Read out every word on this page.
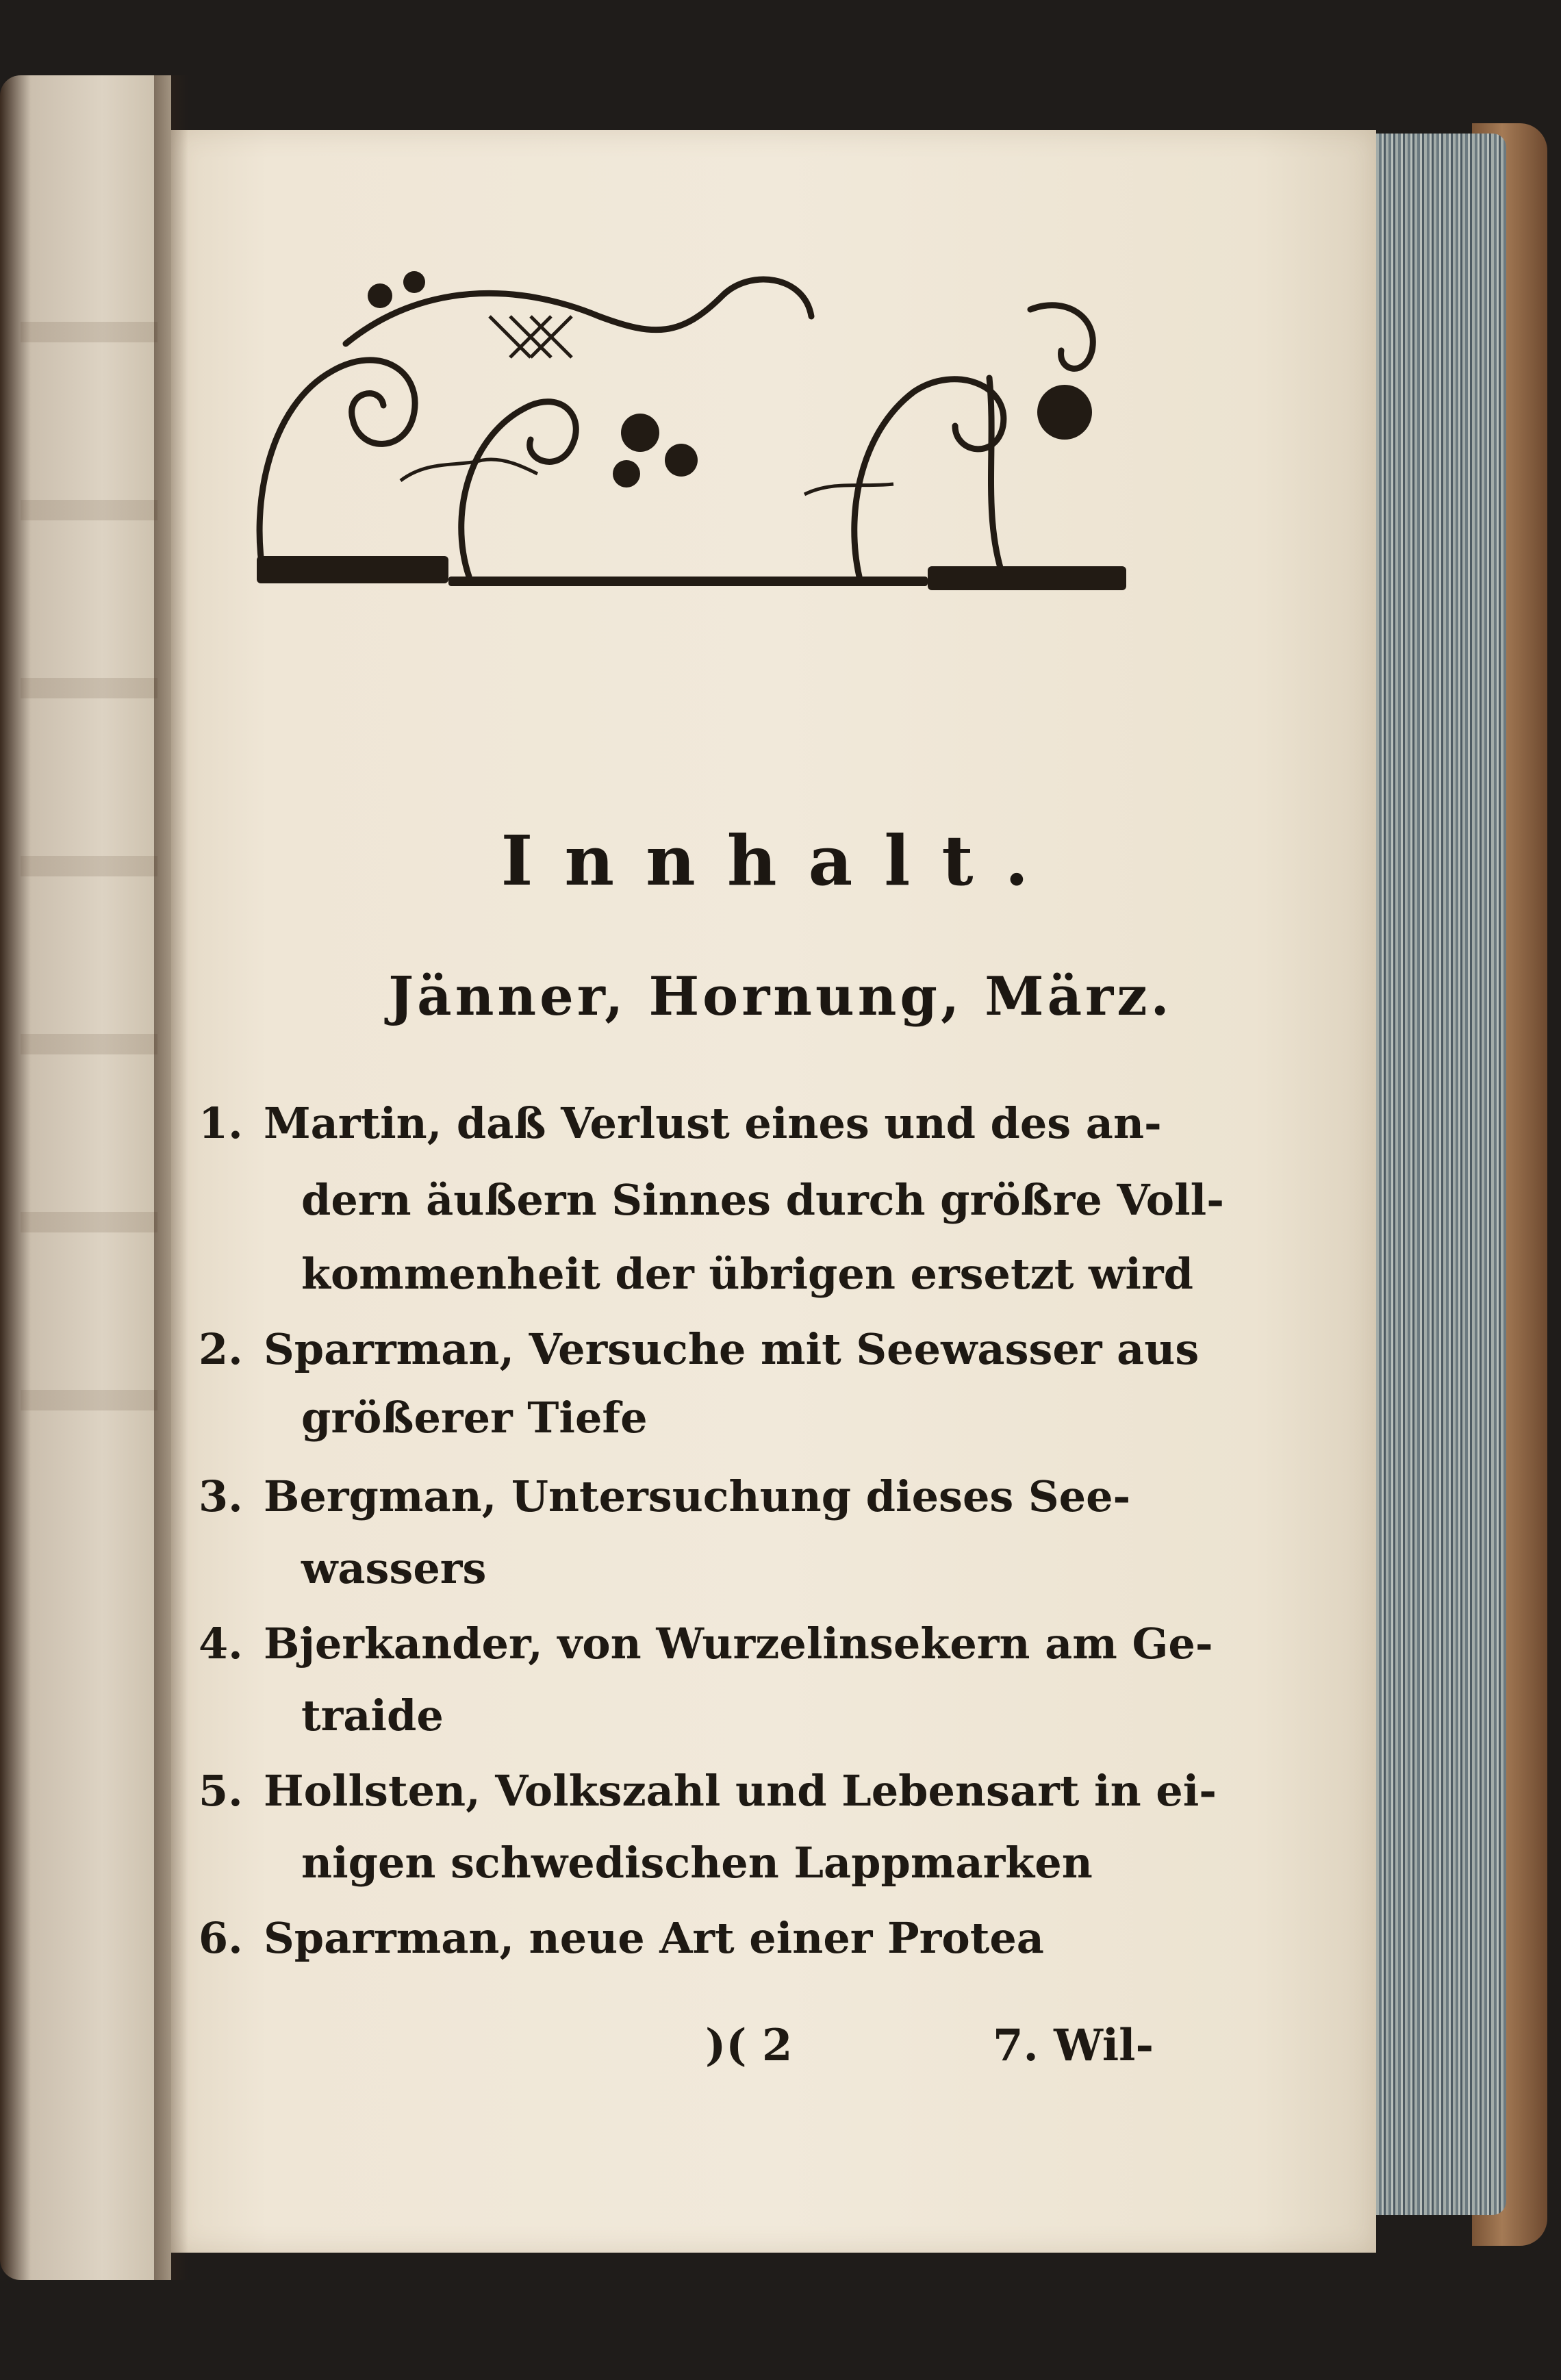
Innhalt.
Jänner, Hornung, März.
1. Martin, daß Verlust eines und des an-
dern äußern Sinnes durch größre Voll-
kommenheit der übrigen ersetzt wird
2. Sparrman, Versuche mit Seewasser aus
größerer Tiefe
3. Bergman, Untersuchung dieses See-
wassers
4. Bjerkander, von Wurzelinsekern am Ge-
traide
5. Hollsten, Volkszahl und Lebensart in ei-
nigen schwedischen Lappmarken
6. Sparrman, neue Art einer Protea
)( 2	7. Wil-
